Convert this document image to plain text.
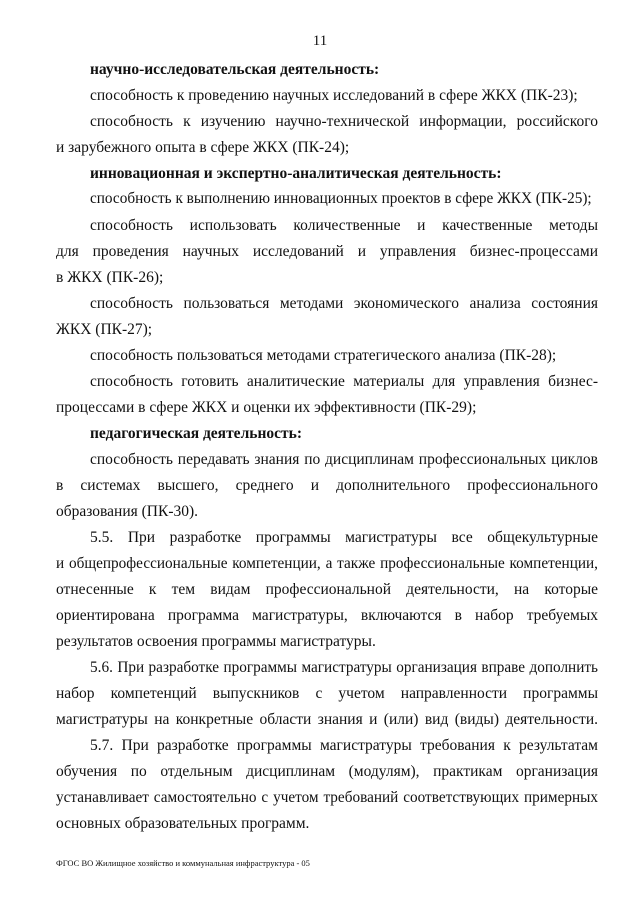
11
научно-исследовательская деятельность:
способность к проведению научных исследований в сфере ЖКХ (ПК-23);
способность к изучению научно-технической информации, российского
и зарубежного опыта в сфере ЖКХ (ПК-24);
инновационная и экспертно-аналитическая деятельность:
способность к выполнению инновационных проектов в сфере ЖКХ (ПК-25);
способность использовать количественные и качественные методы
для проведения научных исследований и управления бизнес-процессами
в ЖКХ (ПК-26);
способность пользоваться методами экономического анализа состояния
ЖКХ (ПК-27);
способность пользоваться методами стратегического анализа (ПК-28);
способность готовить аналитические материалы для управления бизнес-
процессами в сфере ЖКХ и оценки их эффективности (ПК-29);
педагогическая деятельность:
способность передавать знания по дисциплинам профессиональных циклов
в системах высшего, среднего и дополнительного профессионального
образования (ПК-30).
5.5. При разработке программы магистратуры все общекультурные
и общепрофессиональные компетенции, а также профессиональные компетенции,
отнесенные к тем видам профессиональной деятельности, на которые
ориентирована программа магистратуры, включаются в набор требуемых
результатов освоения программы магистратуры.
5.6. При разработке программы магистратуры организация вправе дополнить
набор компетенций выпускников с учетом направленности программы
магистратуры на конкретные области знания и (или) вид (виды) деятельности.
5.7. При разработке программы магистратуры требования к результатам
обучения по отдельным дисциплинам (модулям), практикам организация
устанавливает самостоятельно с учетом требований соответствующих примерных
основных образовательных программ.
ФГОС ВО Жилищное хозяйство и коммунальная инфраструктура - 05
